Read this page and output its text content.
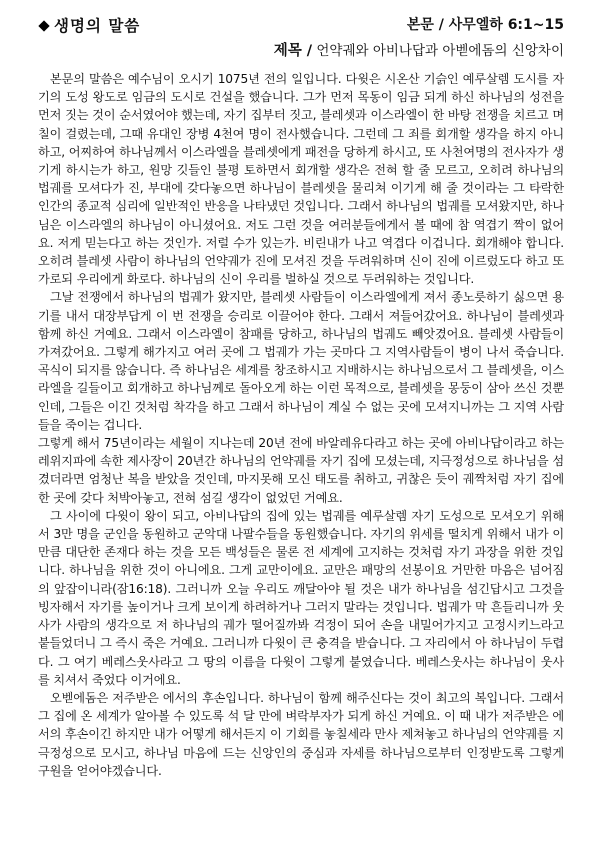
생명의 말씀	본문 / 사무엘하 6:1~15
제목 / 언약궤와 아비나답과 아벧에돔의 신앙차이

본문의 말씀은 예수님이 오시기 1075년 전의 일입니다. 다윗은 시온산 기슭인 예루살렘 도시를 자기의 도성 왕도로 임금의 도시로 건설을 했습니다. 그가 먼저 목동이 임금 되게 하신 하나님의 성전을 먼저 짓는 것이 순서였어야 했는데, 자기 집부터 짓고, 블레셋과 이스라엘이 한 바탕 전쟁을 치르고 며칠이 걸렸는데, 그때 유대인 장병 4천여 명이 전사했습니다. 그런데 그 죄를 회개할 생각을 하지 아니하고, 어찌하여 하나님께서 이스라엘을 블레셋에게 패전을 당하게 하시고, 또 사천여명의 전사자가 생기게 하시는가 하고, 원망 깃들인 불평 토하면서 회개할 생각은 전혀 할 줄 모르고, 오히려 하나님의 법궤를 모셔다가 진, 부대에 갖다놓으면 하나님이 블레셋을 물리쳐 이기게 해 줄 것이라는 그 타락한 인간의 종교적 심리에 일반적인 반응을 나타냈던 것입니다. 그래서 하나님의 법궤를 모셔왔지만, 하나님은 이스라엘의 하나님이 아니셨어요. 저도 그런 것을 여러분들에게서 볼 때에 참 역겹기 짝이 없어요. 저게 믿는다고 하는 것인가. 저럴 수가 있는가. 비린내가 나고 역겹다 이겁니다. 회개해야 합니다. 오히려 블레셋 사람이 하나님의 언약궤가 진에 모셔진 것을 두려워하며 신이 진에 이르렀도다 하고 또 가로되 우리에게 화로다. 하나님의 신이 우리를 벌하실 것으로 두려워하는 것입니다.

그날 전쟁에서 하나님의 법궤가 왔지만, 블레셋 사람들이 이스라엘에게 져서 종노릇하기 싫으면 용기를 내서 대장부답게 이 번 전쟁을 승리로 이끌어야 한다. 그래서 져들어갔어요. 하나님이 블레셋과 함께 하신 거예요. 그래서 이스라엘이 참패를 당하고, 하나님의 법궤도 빼앗겼어요. 블레셋 사람들이 가져갔어요. 그렇게 해가지고 여러 곳에 그 법궤가 가는 곳마다 그 지역사람들이 병이 나서 죽습니다. 곡식이 되지를 않습니다. 즉 하나님은 세계를 창조하시고 지배하시는 하나님으로서 그 블레셋을, 이스라엘을 길들이고 회개하고 하나님께로 돌아오게 하는 이런 목적으로, 블레셋을 몽둥이 삼아 쓰신 것뿐인데, 그들은 이긴 것처럼 착각을 하고 그래서 하나님이 계실 수 없는 곳에 모셔지니까는 그 지역 사람들을 죽이는 겁니다.

그렇게 해서 75년이라는 세월이 지나는데 20년 전에 바알레유다라고 하는 곳에 아비나답이라고 하는 레위지파에 속한 제사장이 20년간 하나님의 언약궤를 자기 집에 모셨는데, 지극정성으로 하나님을 섬겼더라면 엄청난 복을 받았을 것인데, 마지못해 모신 태도를 취하고, 귀찮은 듯이 궤짝처럼 자기 집에 한 곳에 갖다 처박아놓고, 전혀 섬길 생각이 없었던 거예요.

그 사이에 다윗이 왕이 되고, 아비나답의 집에 있는 법궤를 예루살렘 자기 도성으로 모셔오기 위해서 3만 명을 군인을 동원하고 군악대 나팔수들을 동원했습니다. 자기의 위세를 떨치게 위해서 내가 이만큼 대단한 존재다 하는 것을 모든 백성들은 물론 전 세계에 고지하는 것처럼 자기 과장을 위한 것입니다. 하나님을 위한 것이 아니에요. 그게 교만이에요. 교만은 패망의 선봉이요 거만한 마음은 넘어짐의 앞잡이니라(잠16:18). 그러니까 오늘 우리도 깨달아야 될 것은 내가 하나님을 섬긴답시고 그것을 빙자해서 자기를 높이거나 크게 보이게 하려하거나 그러지 말라는 것입니다. 법궤가 막 흔들리니까 웃사가 사람의 생각으로 저 하나님의 궤가 떨어질까봐 걱정이 되어 손을 내밀어가지고 고정시키느라고 붙들었더니 그 즉시 죽은 거예요. 그러니까 다윗이 큰 충격을 받습니다. 그 자리에서 아 하나님이 두렵다. 그 여기 베레스웃사라고 그 땅의 이름을 다윗이 그렇게 붙였습니다. 베레스웃사는 하나님이 웃사를 치셔서 죽었다 이거에요.

오벧에돔은 저주받은 에서의 후손입니다. 하나님이 함께 해주신다는 것이 최고의 복입니다. 그래서 그 집에 온 세계가 알아볼 수 있도록 석 달 만에 벼락부자가 되게 하신 거예요. 이 때 내가 저주받은 에서의 후손이긴 하지만 내가 어떻게 해서든지 이 기회를 놓칠세라 만사 제쳐놓고 하나님의 언약궤를 지극정성으로 모시고, 하나님 마음에 드는 신앙인의 중심과 자세를 하나님으로부터 인정받도록 그렇게 구원을 얻어야겠습니다.
